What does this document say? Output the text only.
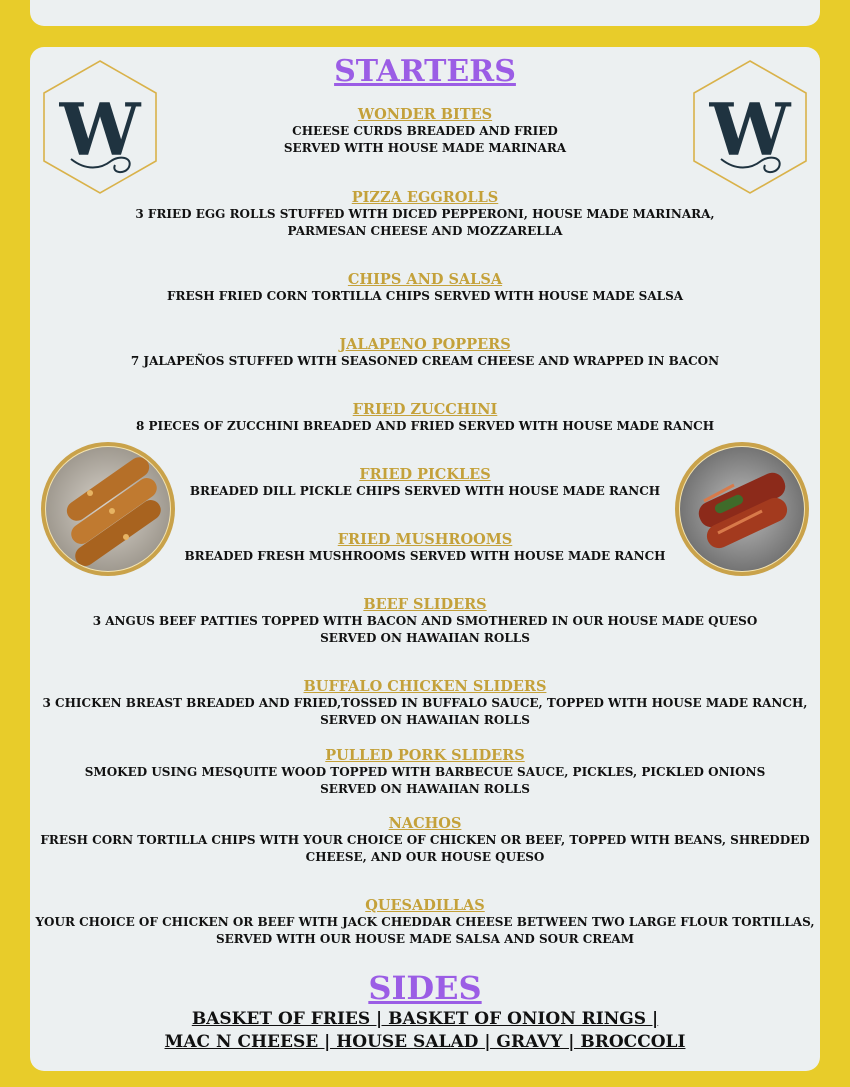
W	W
STARTERS
WONDER BITES
CHEESE CURDS BREADED AND FRIED
SERVED WITH HOUSE MADE MARINARA
PIZZA EGGROLLS
3 FRIED EGG ROLLS STUFFED WITH DICED PEPPERONI, HOUSE MADE MARINARA,
PARMESAN CHEESE AND MOZZARELLA
CHIPS AND SALSA
FRESH FRIED CORN TORTILLA CHIPS SERVED WITH HOUSE MADE SALSA
JALAPENO POPPERS
7 JALAPEÑOS STUFFED WITH SEASONED CREAM CHEESE AND WRAPPED IN BACON
FRIED ZUCCHINI
8 PIECES OF ZUCCHINI BREADED AND FRIED SERVED WITH HOUSE MADE RANCH
FRIED PICKLES
BREADED DILL PICKLE CHIPS SERVED WITH HOUSE MADE RANCH
FRIED MUSHROOMS
BREADED FRESH MUSHROOMS SERVED WITH HOUSE MADE RANCH
BEEF SLIDERS
3 ANGUS BEEF PATTIES TOPPED WITH BACON AND SMOTHERED IN OUR HOUSE MADE QUESO
SERVED ON HAWAIIAN ROLLS
BUFFALO CHICKEN SLIDERS
3 CHICKEN BREAST BREADED AND FRIED,TOSSED IN BUFFALO SAUCE, TOPPED WITH HOUSE MADE RANCH,
SERVED ON HAWAIIAN ROLLS
PULLED PORK SLIDERS
SMOKED USING MESQUITE WOOD TOPPED WITH BARBECUE SAUCE, PICKLES, PICKLED ONIONS
SERVED ON HAWAIIAN ROLLS
NACHOS
FRESH CORN TORTILLA CHIPS WITH YOUR CHOICE OF CHICKEN OR BEEF, TOPPED WITH BEANS, SHREDDED
CHEESE, AND OUR HOUSE QUESO
QUESADILLAS
YOUR CHOICE OF CHICKEN OR BEEF WITH JACK CHEDDAR CHEESE BETWEEN TWO LARGE FLOUR TORTILLAS,
SERVED WITH OUR HOUSE MADE SALSA AND SOUR CREAM
SIDES
BASKET OF FRIES | BASKET OF ONION RINGS |
MAC N CHEESE | HOUSE SALAD | GRAVY | BROCCOLI
